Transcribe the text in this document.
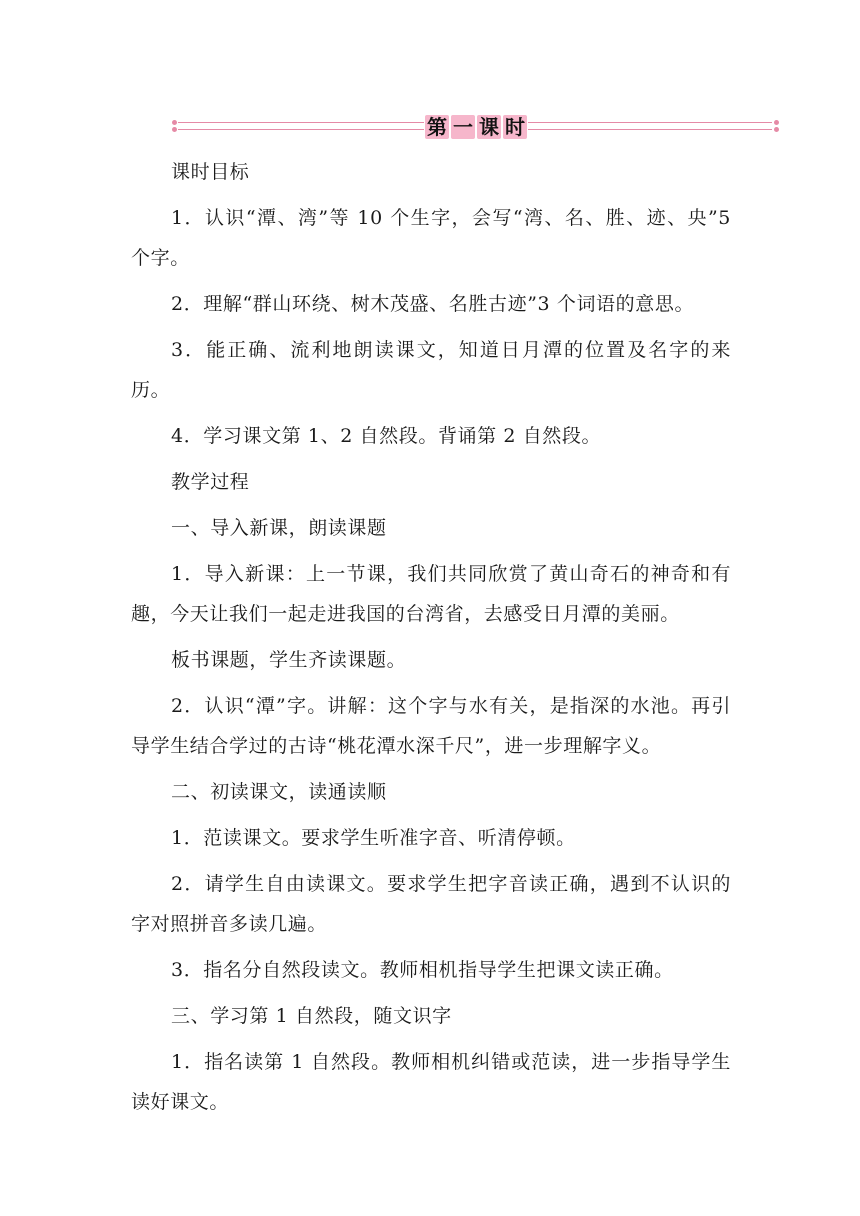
第 一 课 时

课时目标

1．认识“潭、湾”等 10 个生字，会写“湾、名、胜、迹、央”5 个字。

2．理解“群山环绕、树木茂盛、名胜古迹”3 个词语的意思。

3．能正确、流利地朗读课文，知道日月潭的位置及名字的来历。

4．学习课文第 1、2 自然段。背诵第 2 自然段。

教学过程

一、导入新课，朗读课题

1．导入新课：上一节课，我们共同欣赏了黄山奇石的神奇和有趣，今天让我们一起走进我国的台湾省，去感受日月潭的美丽。

板书课题，学生齐读课题。

2．认识“潭”字。讲解：这个字与水有关，是指深的水池。再引导学生结合学过的古诗“桃花潭水深千尺”，进一步理解字义。

二、初读课文，读通读顺

1．范读课文。要求学生听准字音、听清停顿。

2．请学生自由读课文。要求学生把字音读正确，遇到不认识的字对照拼音多读几遍。

3．指名分自然段读文。教师相机指导学生把课文读正确。

三、学习第 1 自然段，随文识字

1．指名读第 1 自然段。教师相机纠错或范读，进一步指导学生读好课文。
